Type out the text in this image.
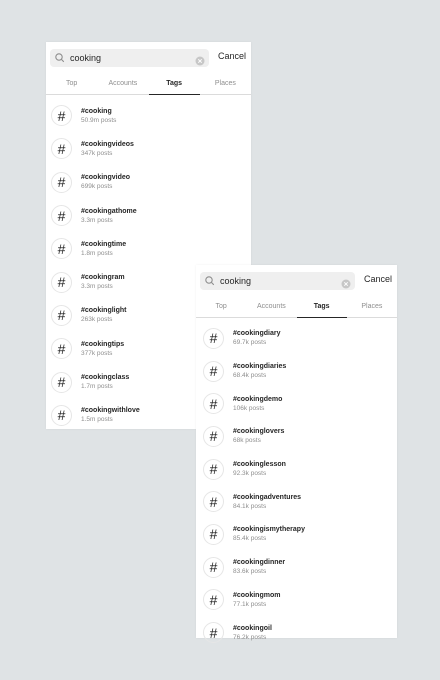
cooking
Cancel
Top	Accounts	Tags	Places
#	#cooking
50.9m posts
#	#cookingvideos
347k posts
#	#cookingvideo
699k posts
#	#cookingathome
3.3m posts
#	#cookingtime
1.8m posts
#	#cookingram
3.3m posts
#	#cookinglight
263k posts
#	#cookingtips
377k posts
#	#cookingclass
1.7m posts
#	#cookingwithlove
1.5m posts
cooking
Cancel
Top	Accounts	Tags	Places
#	#cookingdiary
69.7k posts
#	#cookingdiaries
68.4k posts
#	#cookingdemo
106k posts
#	#cookinglovers
68k posts
#	#cookinglesson
92.3k posts
#	#cookingadventures
84.1k posts
#	#cookingismytherapy
85.4k posts
#	#cookingdinner
83.6k posts
#	#cookingmom
77.1k posts
#	#cookingoil
76.2k posts
